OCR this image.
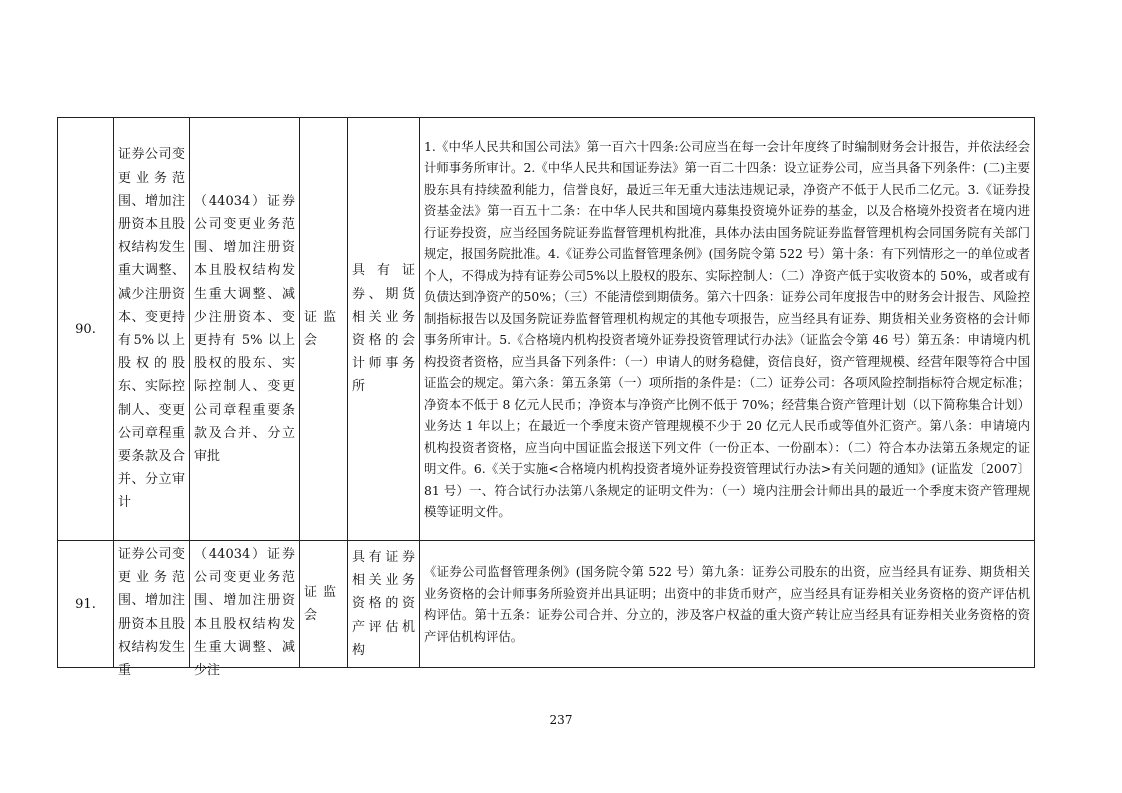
90.	证券公司变更业务范围、增加注册资本且股权结构发生重大调整、减少注册资本、变更持有5%以上股权的股东、实际控制人、变更公司章程重要条款及合并、分立审计	（44034）证券公司变更业务范围、增加注册资本且股权结构发生重大调整、减少注册资本、变更持有 5% 以上股权的股东、实际控制人、变更公司章程重要条款及合并、分立审批	证监会	具有证券、期货相关业务资格的会计师事务所	1.《中华人民共和国公司法》第一百六十四条:公司应当在每一会计年度终了时编制财务会计报告，并依法经会计师事务所审计。2.《中华人民共和国证券法》第一百二十四条：设立证券公司，应当具备下列条件：(二)主要股东具有持续盈利能力，信誉良好，最近三年无重大违法违规记录，净资产不低于人民币二亿元。3.《证券投资基金法》第一百五十二条：在中华人民共和国境内募集投资境外证券的基金，以及合格境外投资者在境内进行证券投资，应当经国务院证券监督管理机构批准，具体办法由国务院证券监督管理机构会同国务院有关部门规定，报国务院批准。4.《证券公司监督管理条例》(国务院令第 522 号）第十条：有下列情形之一的单位或者个人，不得成为持有证券公司5%以上股权的股东、实际控制人：（二）净资产低于实收资本的 50%，或者或有负债达到净资产的50%；（三）不能清偿到期债务。第六十四条：证券公司年度报告中的财务会计报告、风险控制指标报告以及国务院证券监督管理机构规定的其他专项报告，应当经具有证券、期货相关业务资格的会计师事务所审计。5.《合格境内机构投资者境外证券投资管理试行办法》（证监会令第 46 号）第五条：申请境内机构投资者资格，应当具备下列条件：（一）申请人的财务稳健，资信良好，资产管理规模、经营年限等符合中国证监会的规定。第六条：第五条第（一）项所指的条件是：（二）证券公司：各项风险控制指标符合规定标准；净资本不低于 8 亿元人民币；净资本与净资产比例不低于 70%；经营集合资产管理计划（以下简称集合计划）业务达 1 年以上；在最近一个季度末资产管理规模不少于 20 亿元人民币或等值外汇资产。第八条：申请境内机构投资者资格，应当向中国证监会报送下列文件（一份正本、一份副本）：（二）符合本办法第五条规定的证明文件。6.《关于实施<合格境内机构投资者境外证券投资管理试行办法>有关问题的通知》(证监发〔2007〕81 号）一、符合试行办法第八条规定的证明文件为：（一）境内注册会计师出具的最近一个季度末资产管理规模等证明文件。
91.	证券公司变更业务范围、增加注册资本且股权结构发生重	（44034）证券公司变更业务范围、增加注册资本且股权结构发生重大调整、减少注	证监会	具有证券相关业务资格的资产评估机构	《证券公司监督管理条例》(国务院令第 522 号）第九条：证券公司股东的出资，应当经具有证券、期货相关业务资格的会计师事务所验资并出具证明；出资中的非货币财产，应当经具有证券相关业务资格的资产评估机构评估。第十五条：证券公司合并、分立的，涉及客户权益的重大资产转让应当经具有证券相关业务资格的资产评估机构评估。
237
